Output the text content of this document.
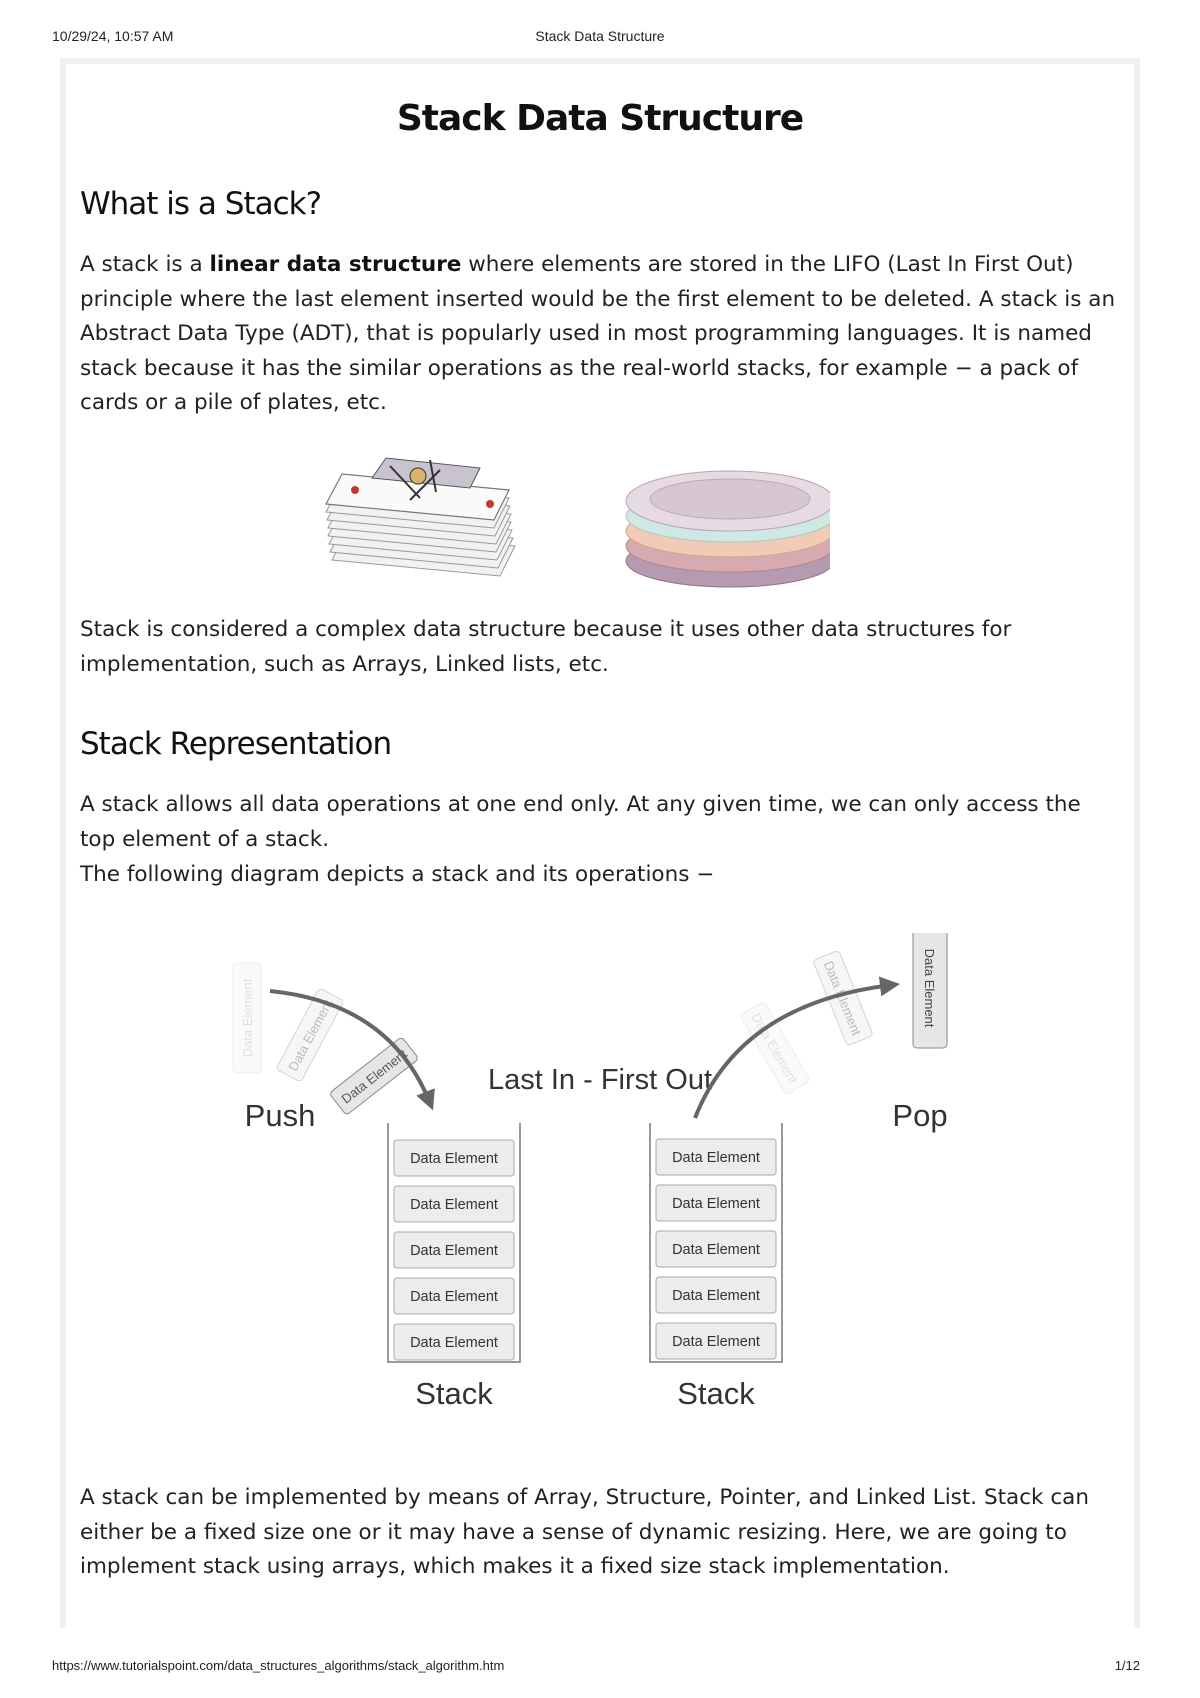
10/29/24, 10:57 AM	Stack Data Structure
Stack Data Structure
What is a Stack?

A stack is a linear data structure where elements are stored in the LIFO (Last In First Out) principle where the last element inserted would be the first element to be deleted. A stack is an Abstract Data Type (ADT), that is popularly used in most programming languages. It is named stack because it has the similar operations as the real-world stacks, for example − a pack of cards or a pile of plates, etc.

Stack is considered a complex data structure because it uses other data structures for implementation, such as Arrays, Linked lists, etc.

Stack Representation

A stack allows all data operations at one end only. At any given time, we can only access the top element of a stack.

The following diagram depicts a stack and its operations −

Data Element Data Element
Data Element
Push
Last In - First Out	Data Element
Data Element	Data Element
Pop
Data Element
Data Element
Data Element
Data Element
Data Element
Stack
Data Element
Data Element
Data Element
Data Element
Data Element
Stack

A stack can be implemented by means of Array, Structure, Pointer, and Linked List. Stack can either be a fixed size one or it may have a sense of dynamic resizing. Here, we are going to implement stack using arrays, which makes it a fixed size stack implementation.

https://www.tutorialspoint.com/data_structures_algorithms/stack_algorithm.htm	1/12
